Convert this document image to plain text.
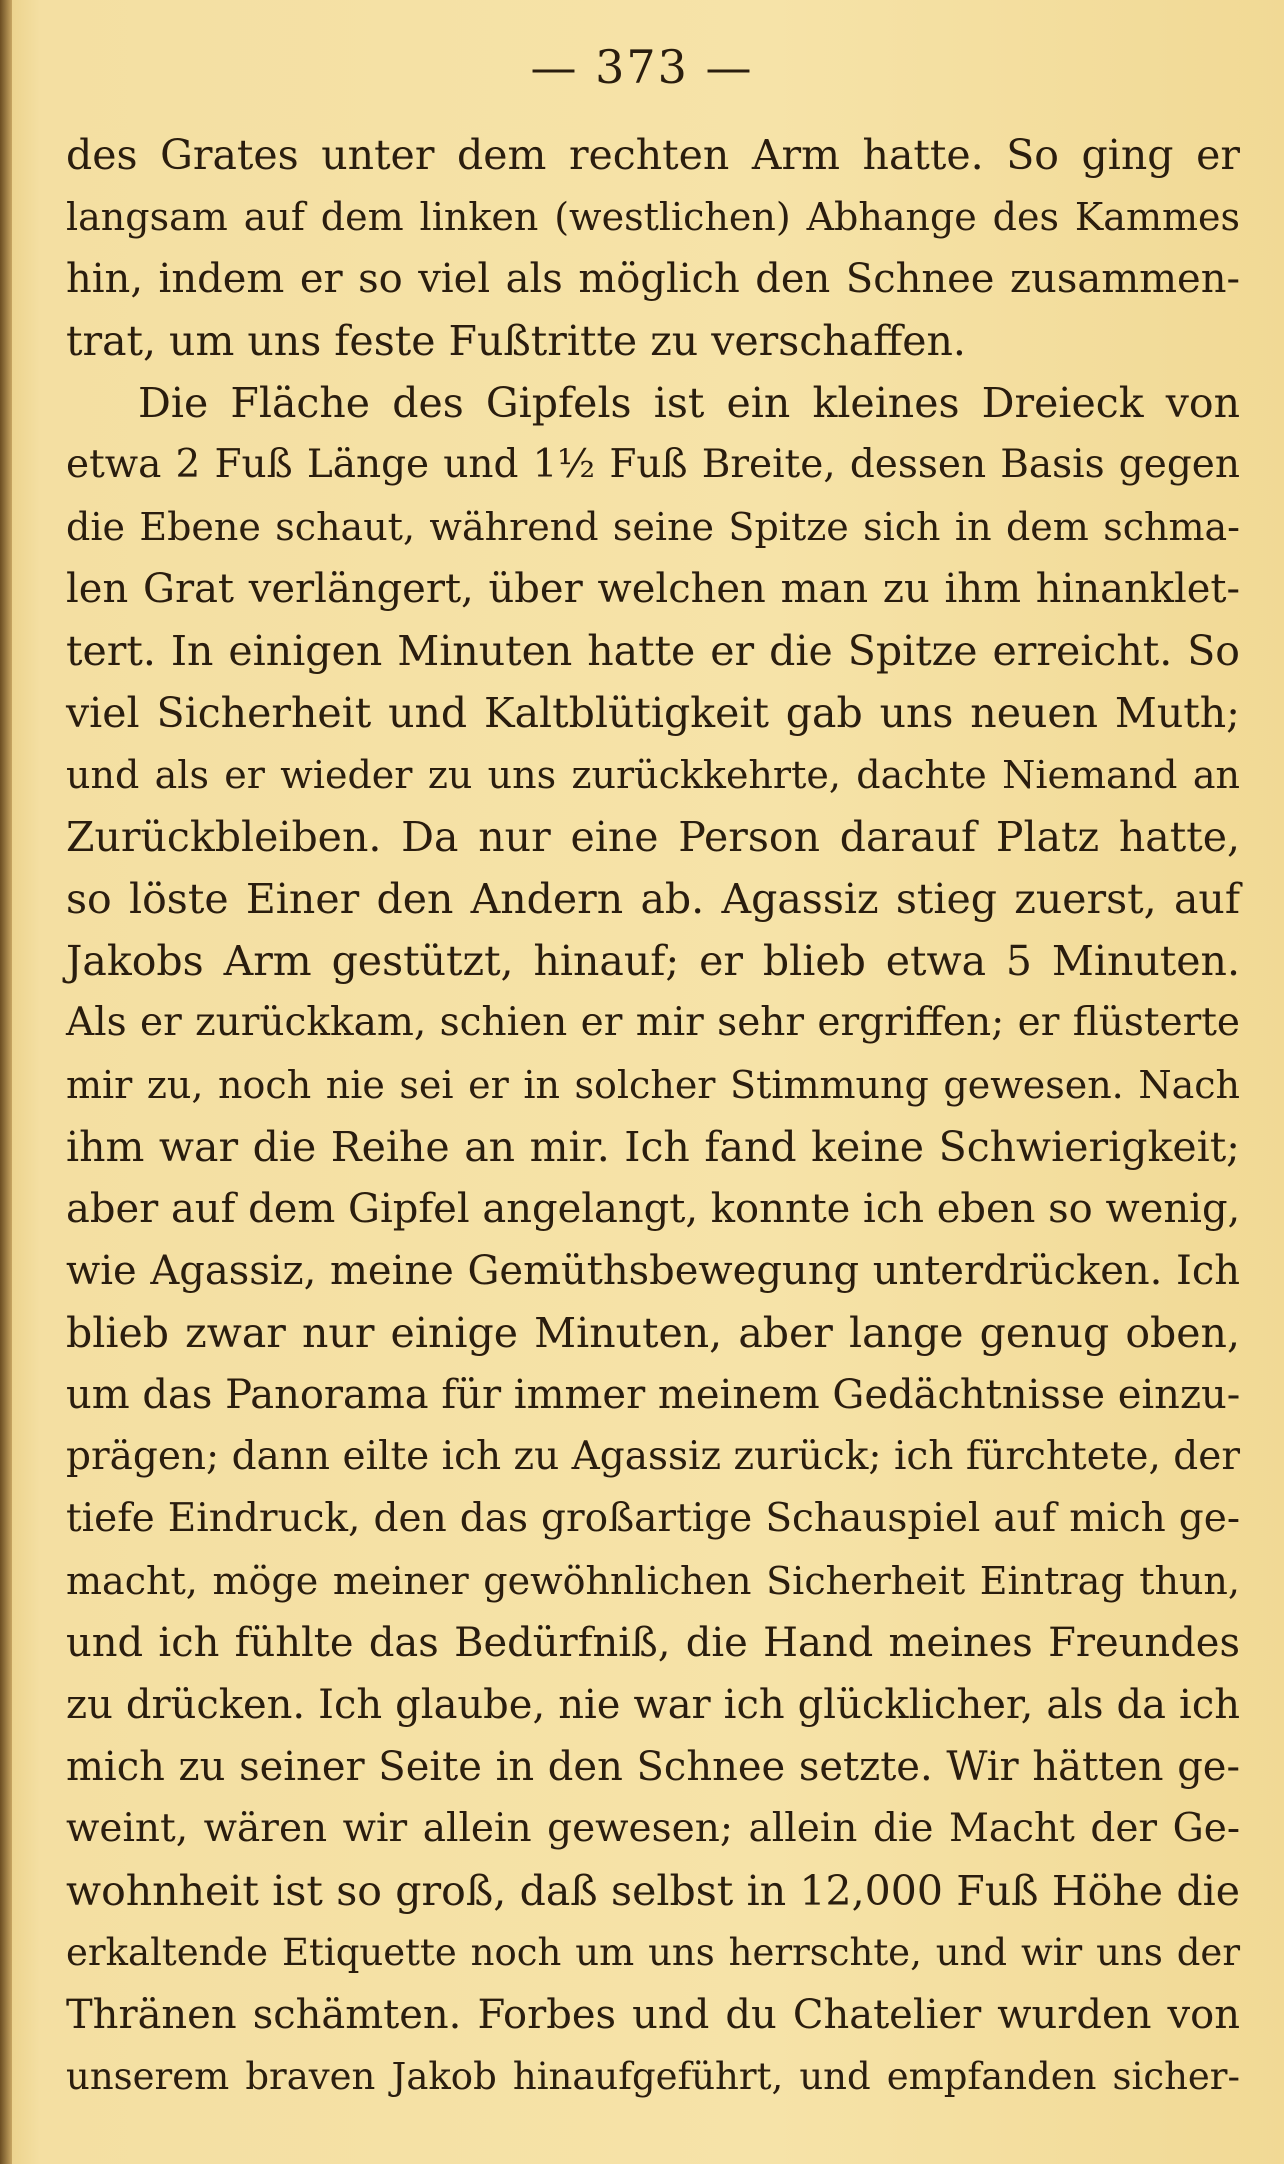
— 373 —
des Grates unter dem rechten Arm hatte. So ging er
langsam auf dem linken (westlichen) Abhange des Kammes
hin, indem er so viel als möglich den Schnee zusammen-
trat, um uns feste Fußtritte zu verschaffen.
Die Fläche des Gipfels ist ein kleines Dreieck von
etwa 2 Fuß Länge und 1½ Fuß Breite, dessen Basis gegen
die Ebene schaut, während seine Spitze sich in dem schma-
len Grat verlängert, über welchen man zu ihm hinanklet-
tert. In einigen Minuten hatte er die Spitze erreicht. So
viel Sicherheit und Kaltblütigkeit gab uns neuen Muth;
und als er wieder zu uns zurückkehrte, dachte Niemand an
Zurückbleiben. Da nur eine Person darauf Platz hatte,
so löste Einer den Andern ab. Agassiz stieg zuerst, auf
Jakobs Arm gestützt, hinauf; er blieb etwa 5 Minuten.
Als er zurückkam, schien er mir sehr ergriffen; er flüsterte
mir zu, noch nie sei er in solcher Stimmung gewesen. Nach
ihm war die Reihe an mir. Ich fand keine Schwierigkeit;
aber auf dem Gipfel angelangt, konnte ich eben so wenig,
wie Agassiz, meine Gemüthsbewegung unterdrücken. Ich
blieb zwar nur einige Minuten, aber lange genug oben,
um das Panorama für immer meinem Gedächtnisse einzu-
prägen; dann eilte ich zu Agassiz zurück; ich fürchtete, der
tiefe Eindruck, den das großartige Schauspiel auf mich ge-
macht, möge meiner gewöhnlichen Sicherheit Eintrag thun,
und ich fühlte das Bedürfniß, die Hand meines Freundes
zu drücken. Ich glaube, nie war ich glücklicher, als da ich
mich zu seiner Seite in den Schnee setzte. Wir hätten ge-
weint, wären wir allein gewesen; allein die Macht der Ge-
wohnheit ist so groß, daß selbst in 12,000 Fuß Höhe die
erkaltende Etiquette noch um uns herrschte, und wir uns der
Thränen schämten. Forbes und du Chatelier wurden von
unserem braven Jakob hinaufgeführt, und empfanden sicher-
